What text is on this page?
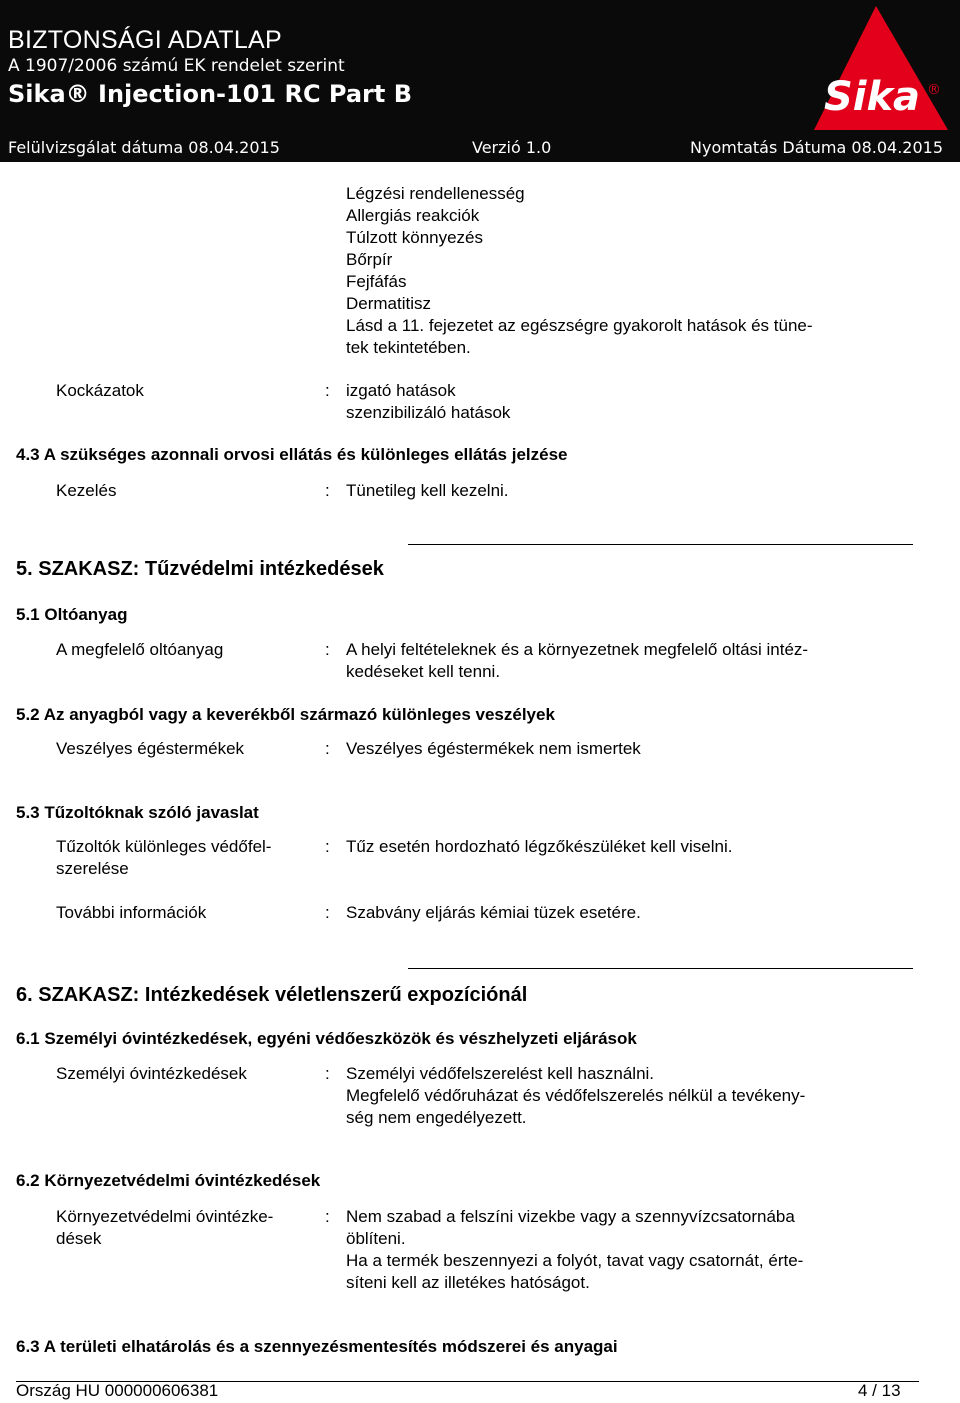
BIZTONSÁGI ADATLAP
A 1907/2006 számú EK rendelet szerint
Sika® Injection-101 RC Part B
Felülvizsgálat dátuma 08.04.2015	Verzió 1.0	Nyomtatás Dátuma 08.04.2015
Sika ®
Légzési rendellenesség
Allergiás reakciók
Túlzott könnyezés
Bőrpír
Fejfáfás
Dermatitisz
Lásd a 11. fejezetet az egészségre gyakorolt hatások és tüne-
tek tekintetében.
Kockázatok	: izgató hatások
szenzibilizáló hatások
4.3 A szükséges azonnali orvosi ellátás és különleges ellátás jelzése
Kezelés	: Tünetileg kell kezelni.
5. SZAKASZ: Tűzvédelmi intézkedések
5.1 Oltóanyag
A megfelelő oltóanyag	: A helyi feltételeknek és a környezetnek megfelelő oltási intéz-
kedéseket kell tenni.
5.2 Az anyagból vagy a keverékből származó különleges veszélyek
Veszélyes égéstermékek	: Veszélyes égéstermékek nem ismertek
5.3 Tűzoltóknak szóló javaslat
Tűzoltók különleges védőfel-
szerelése
: Tűz esetén hordozható légzőkészüléket kell viselni.
További információk	: Szabvány eljárás kémiai tüzek esetére.
6. SZAKASZ: Intézkedések véletlenszerű expozíciónál
6.1 Személyi óvintézkedések, egyéni védőeszközök és vészhelyzeti eljárások
Személyi óvintézkedések	: Személyi védőfelszerelést kell használni.
Megfelelő védőruházat és védőfelszerelés nélkül a tevékeny-
ség nem engedélyezett.
6.2 Környezetvédelmi óvintézkedések
Környezetvédelmi óvintézke-
dések
: Nem szabad a felszíni vizekbe vagy a szennyvízcsatornába
öblíteni.
Ha a termék beszennyezi a folyót, tavat vagy csatornát, érte-
síteni kell az illetékes hatóságot.
6.3 A területi elhatárolás és a szennyezésmentesítés módszerei és anyagai
Ország HU 000000606381	4 / 13
